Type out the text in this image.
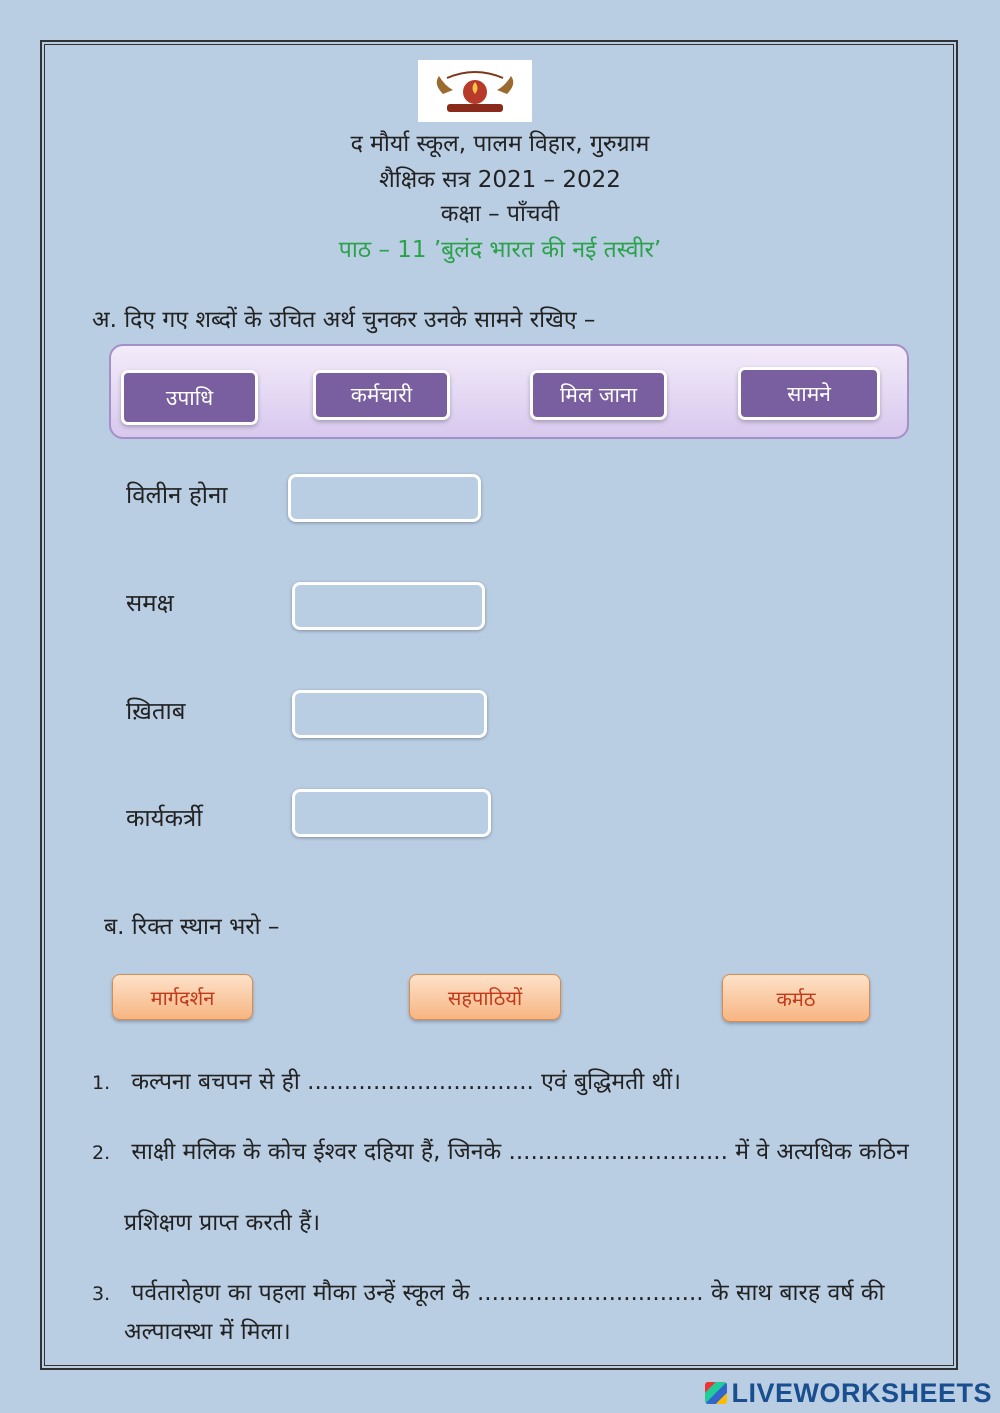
द मौर्या स्कूल, पालम विहार, गुरुग्राम
शैक्षिक सत्र 2021 – 2022
कक्षा – पाँचवी
पाठ – 11 ’बुलंद भारत की नई तस्वीर’
अ. दिए गए शब्दों के उचित अर्थ चुनकर उनके सामने रखिए –
उपाधि	कर्मचारी	मिल जाना	सामने
विलीन होना
समक्ष
ख़िताब
कार्यकर्त्री
ब. रिक्त स्थान भरो –
मार्गदर्शन	सहपाठियों	कर्मठ
1. कल्पना बचपन से ही ............................... एवं बुद्धिमती थीं।
2. साक्षी मलिक के कोच ईश्वर दहिया हैं, जिनके .............................. में वे अत्यधिक कठिन
प्रशिक्षण प्राप्त करती हैं।
3. पर्वतारोहण का पहला मौका उन्हें स्कूल के ............................... के साथ बारह वर्ष की
अल्पावस्था में मिला।
LIVEWORKSHEETS
